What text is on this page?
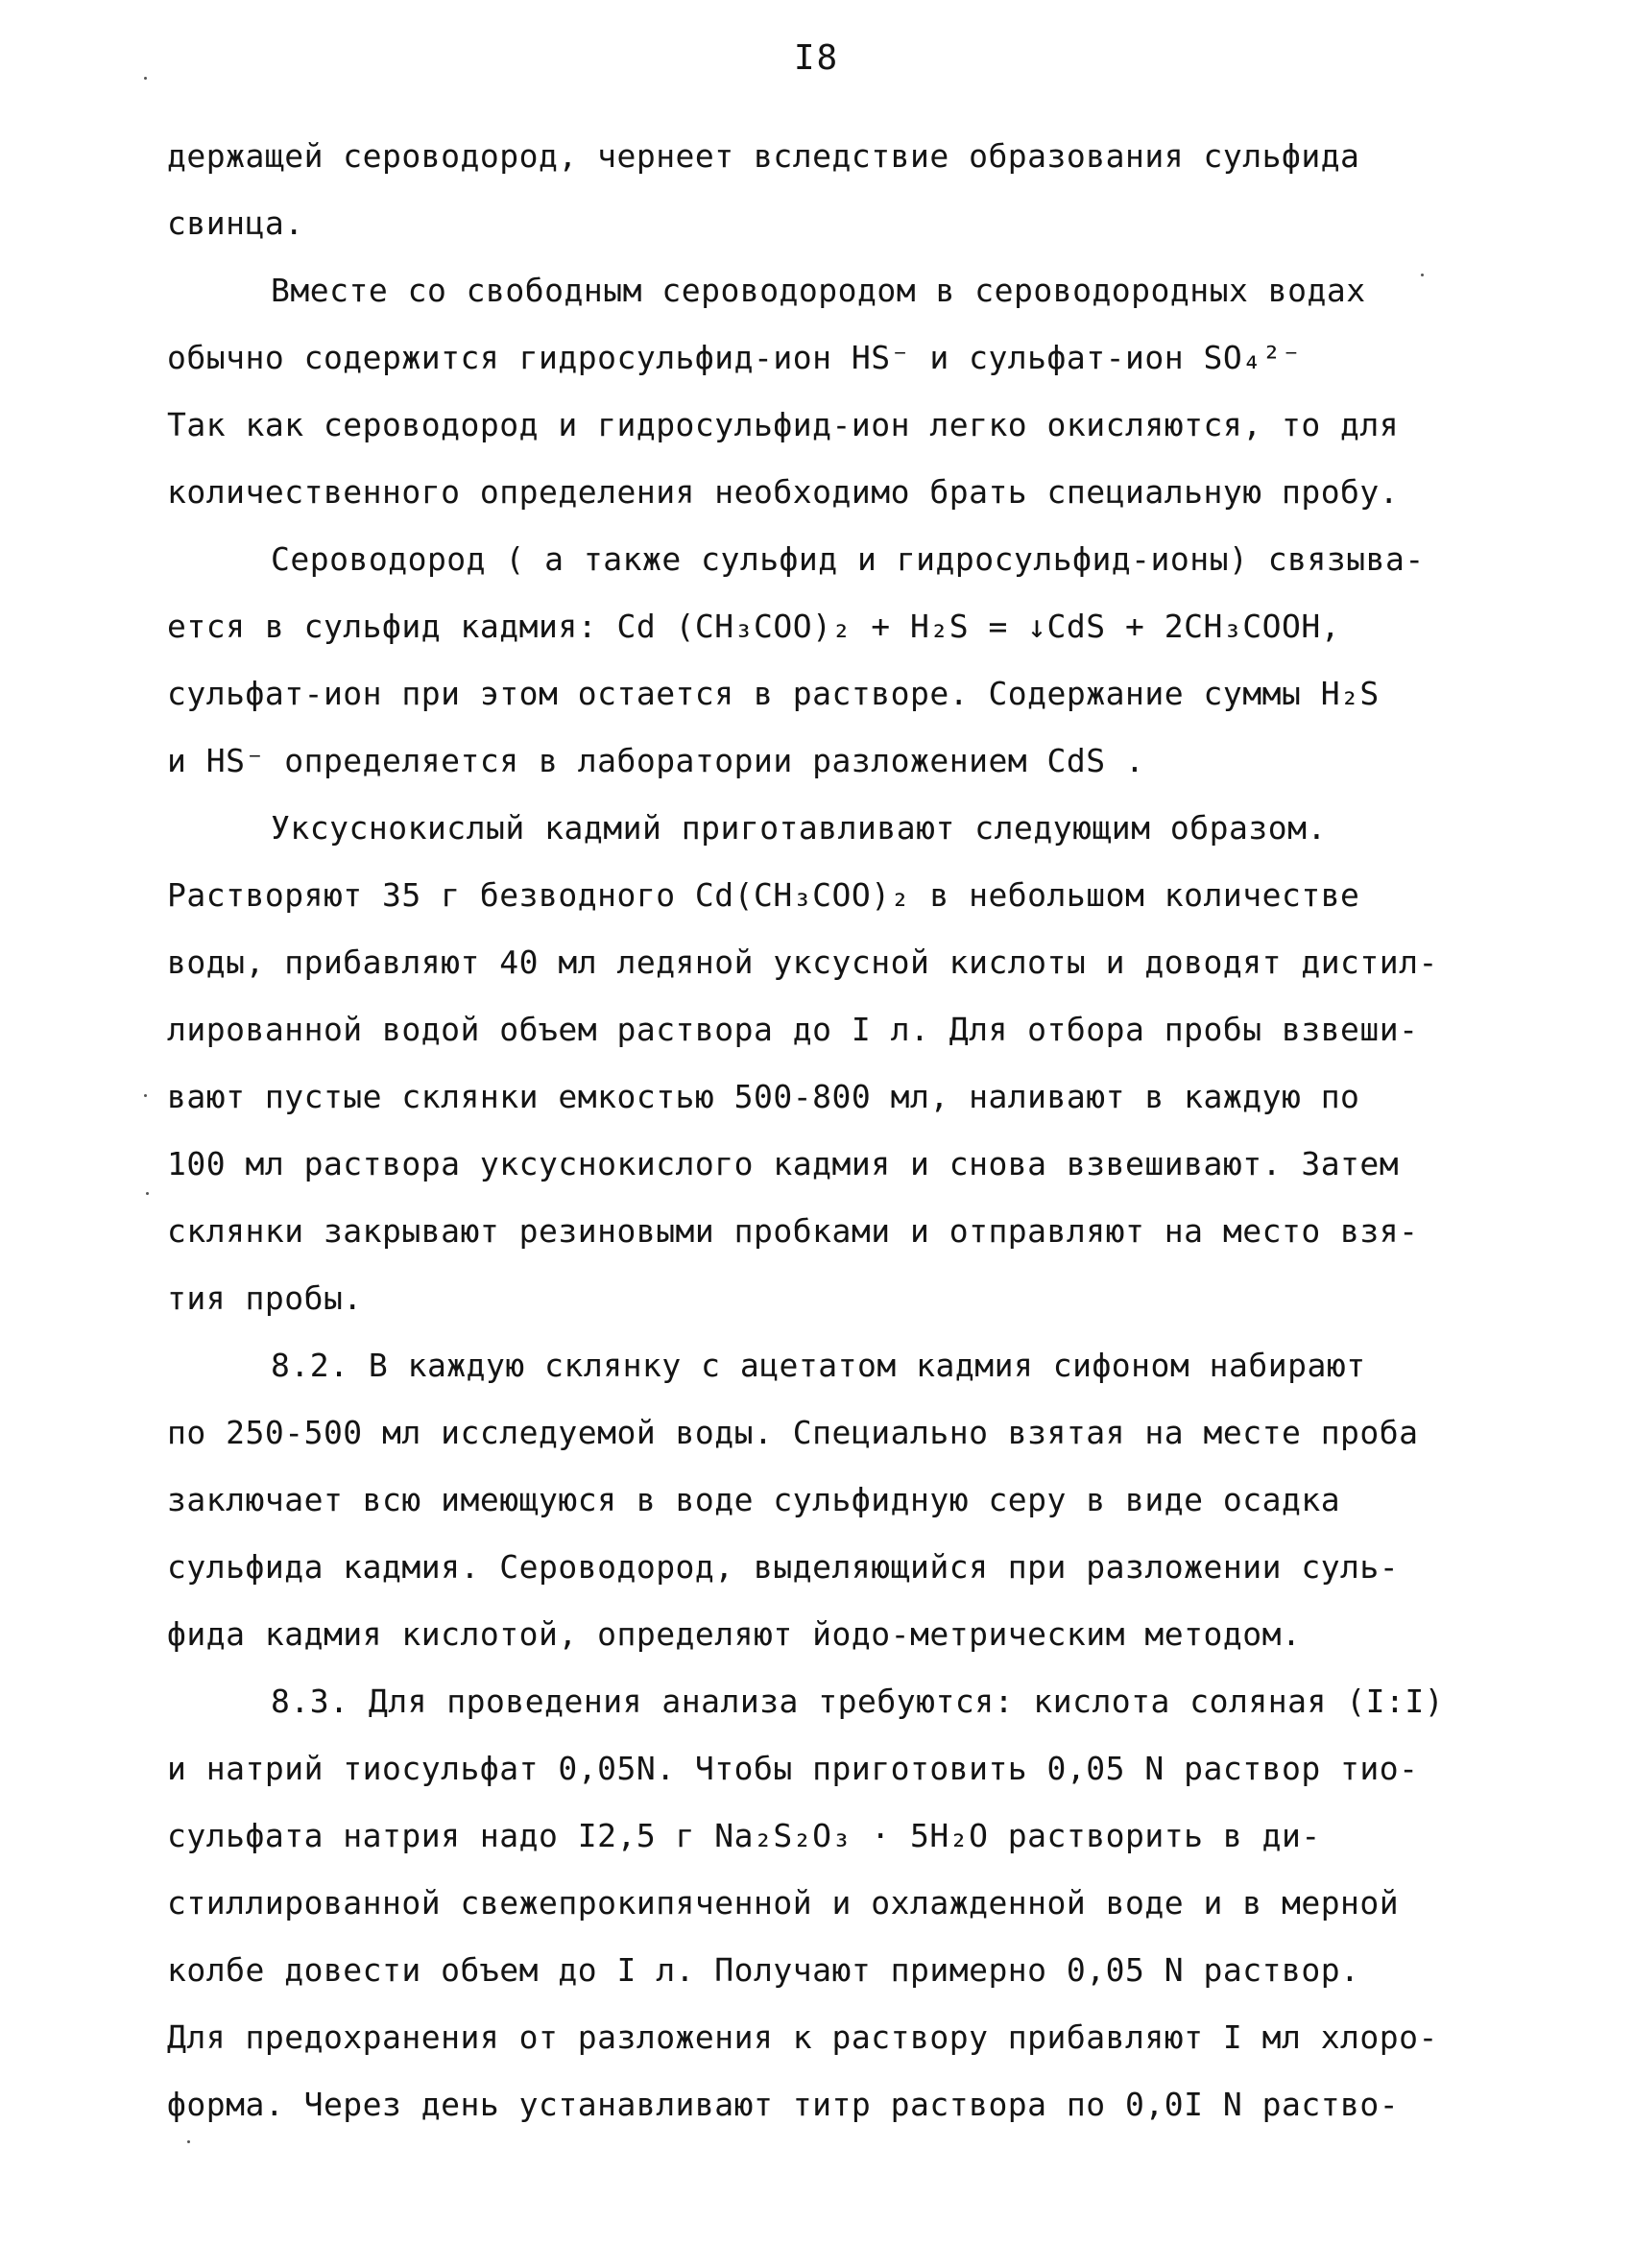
I8
держащей сероводород, чернеет вследствие образования сульфида
свинца.
Вместе со свободным сероводородом в сероводородных водах
обычно содержится гидросульфид-ион HS⁻ и сульфат-ион SO₄²⁻
Так как сероводород и гидросульфид-ион легко окисляются, то для
количественного определения необходимо брать специальную пробу.
Сероводород ( а также сульфид и гидросульфид-ионы) связыва-
ется в сульфид кадмия: Cd (CH₃COO)₂ + H₂S = ↓CdS + 2CH₃COOH,
сульфат-ион при этом остается в растворе. Содержание суммы H₂S
и HS⁻ определяется в лаборатории разложением CdS .
Уксуснокислый кадмий приготавливают следующим образом.
Растворяют 35 г безводного Cd(CH₃COO)₂ в небольшом количестве
воды, прибавляют 40 мл ледяной уксусной кислоты и доводят дистил-
лированной водой объем раствора до I л. Для отбора пробы взвеши-
вают пустые склянки емкостью 500-800 мл, наливают в каждую по
100 мл раствора уксуснокислого кадмия и снова взвешивают. Затем
склянки закрывают резиновыми пробками и отправляют на место взя-
тия пробы.
8.2. В каждую склянку с ацетатом кадмия сифоном набирают
по 250-500 мл исследуемой воды. Специально взятая на месте проба
заключает всю имеющуюся в воде сульфидную серу в виде осадка
сульфида кадмия. Сероводород, выделяющийся при разложении суль-
фида кадмия кислотой, определяют йодо-метрическим методом.
8.3. Для проведения анализа требуются: кислота соляная (I:I)
и натрий тиосульфат 0,05N. Чтобы приготовить 0,05 N раствор тио-
сульфата натрия надо I2,5 г Na₂S₂O₃ · 5H₂O растворить в ди-
стиллированной свежепрокипяченной и охлажденной воде и в мерной
колбе довести объем до I л. Получают примерно 0,05 N раствор.
Для предохранения от разложения к раствору прибавляют I мл хлоро-
форма. Через день устанавливают титр раствора по 0,0I N раство-
